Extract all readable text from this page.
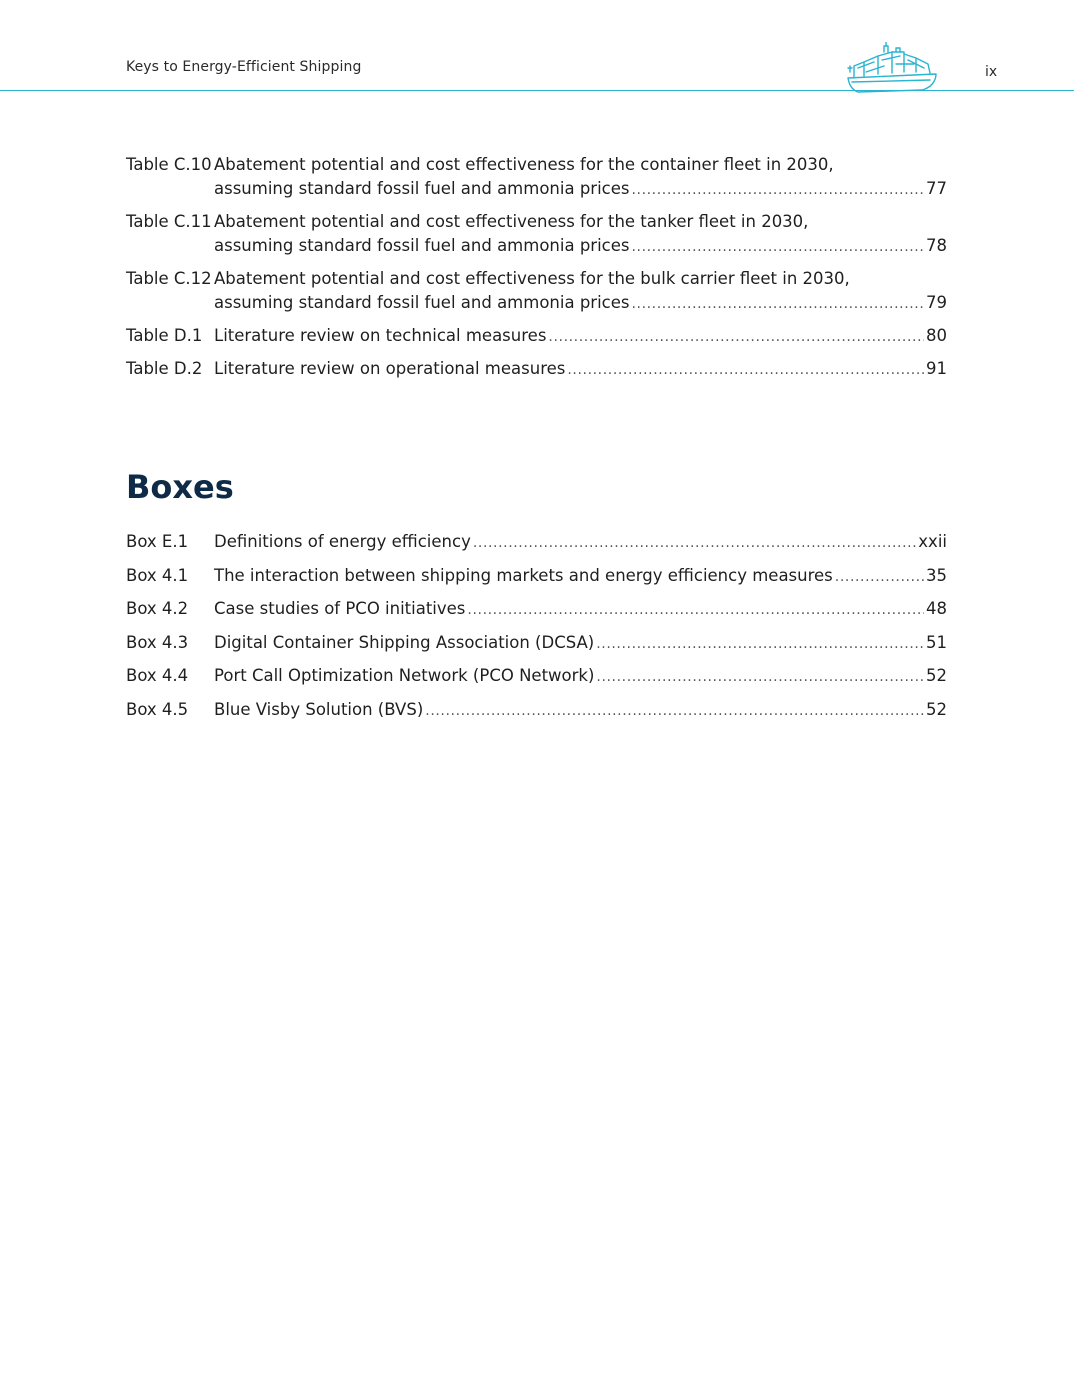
Keys to Energy-Efficient Shipping	ix
Table C.10 Abatement potential and cost effectiveness for the container fleet in 2030,
assuming standard fossil fuel and ammonia prices .....	77
Table C.11 Abatement potential and cost effectiveness for the tanker fleet in 2030,
assuming standard fossil fuel and ammonia prices .....	78
Table C.12 Abatement potential and cost effectiveness for the bulk carrier fleet in 2030,
assuming standard fossil fuel and ammonia prices .....	79
Table D.1 Literature review on technical measures .....	80
Table D.2 Literature review on operational measures .....	91
Boxes
Box E.1	Definitions of energy efficiency .....	xxii
Box 4.1	The interaction between shipping markets and energy efficiency measures .....	35
Box 4.2	Case studies of PCO initiatives .....	48
Box 4.3	Digital Container Shipping Association (DCSA) .....	51
Box 4.4	Port Call Optimization Network (PCO Network) .....	52
Box 4.5	Blue Visby Solution (BVS) .....	52
